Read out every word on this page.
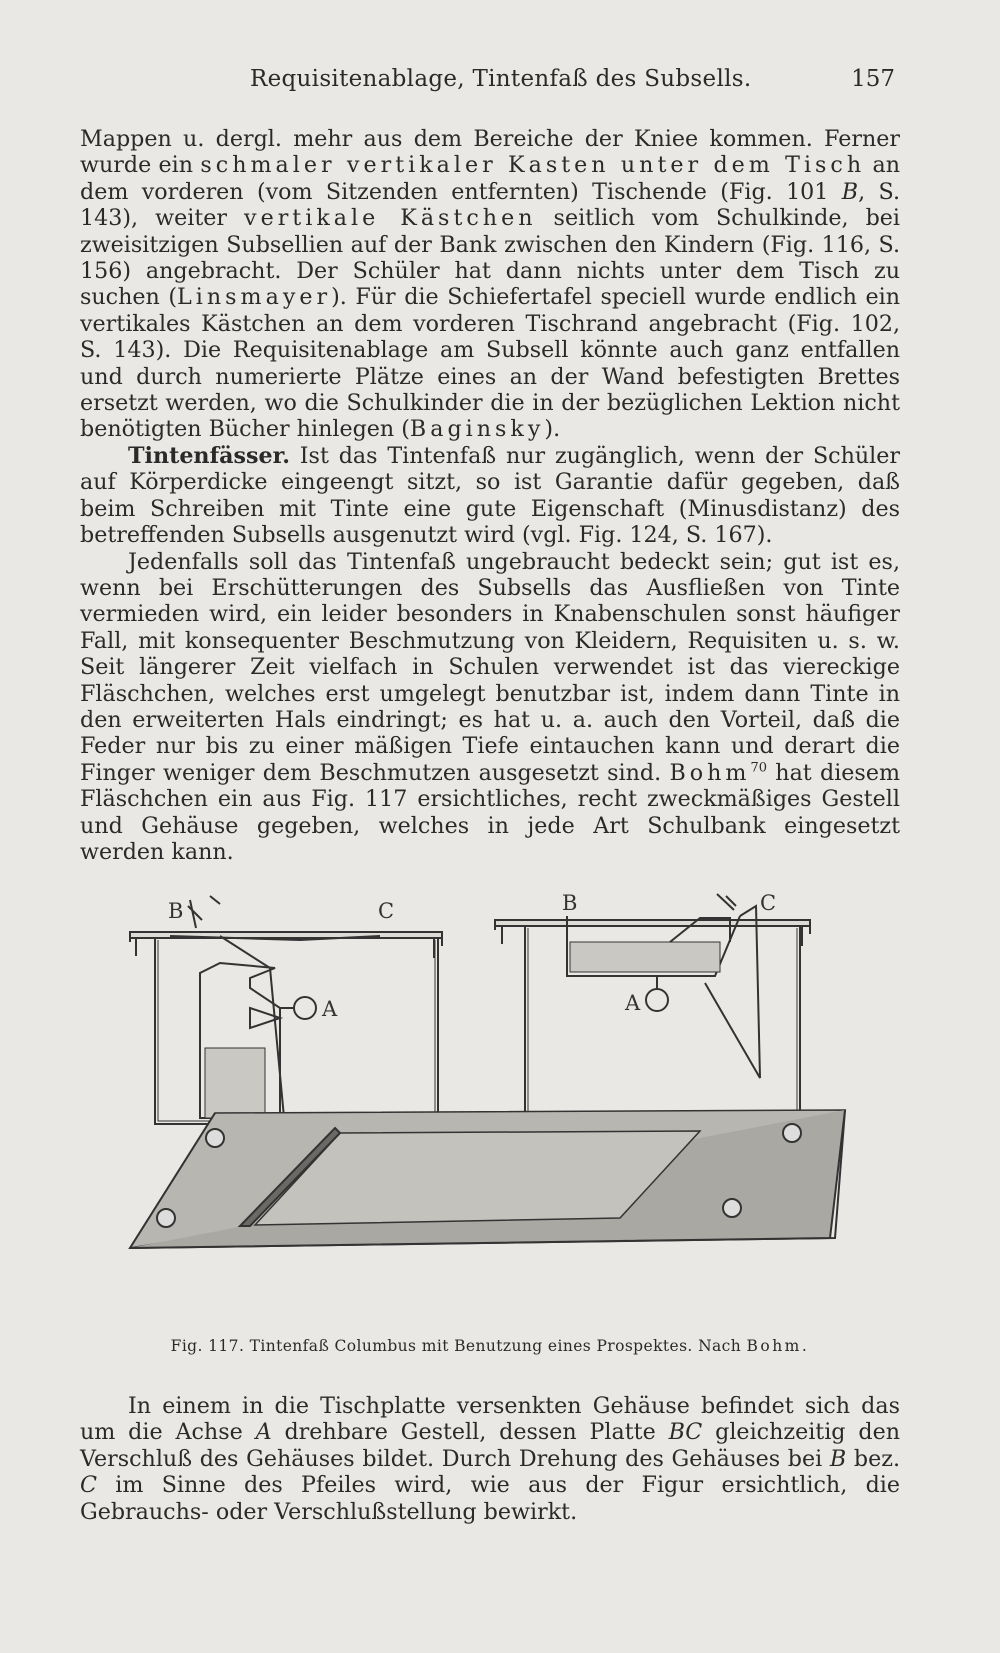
Requisitenablage, Tintenfaß des Subsells.	157

Mappen u. dergl. mehr aus dem Bereiche der Kniee kommen. Ferner wurde ein schmaler vertikaler Kasten unter dem Tisch an dem vorderen (vom Sitzenden entfernten) Tischende (Fig. 101 B, S. 143), weiter vertikale Kästchen seitlich vom Schulkinde, bei zweisitzigen Subsellien auf der Bank zwischen den Kindern (Fig. 116, S. 156) angebracht. Der Schüler hat dann nichts unter dem Tisch zu suchen (Linsmayer). Für die Schiefertafel speciell wurde endlich ein vertikales Kästchen an dem vorderen Tischrand angebracht (Fig. 102, S. 143). Die Requisitenablage am Subsell könnte auch ganz entfallen und durch numerierte Plätze eines an der Wand befestigten Brettes ersetzt werden, wo die Schulkinder die in der bezüglichen Lektion nicht benötigten Bücher hinlegen (Baginsky).

Tintenfässer. Ist das Tintenfaß nur zugänglich, wenn der Schüler auf Körperdicke eingeengt sitzt, so ist Garantie dafür gegeben, daß beim Schreiben mit Tinte eine gute Eigenschaft (Minusdistanz) des betreffenden Subsells ausgenutzt wird (vgl. Fig. 124, S. 167).

Jedenfalls soll das Tintenfaß ungebraucht bedeckt sein; gut ist es, wenn bei Erschütterungen des Subsells das Ausfließen von Tinte vermieden wird, ein leider besonders in Knabenschulen sonst häufiger Fall, mit konsequenter Beschmutzung von Kleidern, Requisiten u. s. w. Seit längerer Zeit vielfach in Schulen verwendet ist das viereckige Fläschchen, welches erst umgelegt benutzbar ist, indem dann Tinte in den erweiterten Hals eindringt; es hat u. a. auch den Vorteil, daß die Feder nur bis zu einer mäßigen Tiefe eintauchen kann und derart die Finger weniger dem Beschmutzen ausgesetzt sind. Bohm$^{70}$ hat diesem Fläschchen ein aus Fig. 117 ersichtliches, recht zweckmäßiges Gestell und Gehäuse gegeben, welches in jede Art Schulbank eingesetzt werden kann.

B	C
A
B	C
A
Fig. 117. Tintenfaß Columbus mit Benutzung eines Prospektes. Nach Bohm.

In einem in die Tischplatte versenkten Gehäuse befindet sich das um die Achse A drehbare Gestell, dessen Platte BC gleichzeitig den Verschluß des Gehäuses bildet. Durch Drehung des Gehäuses bei B bez. C im Sinne des Pfeiles wird, wie aus der Figur ersichtlich, die Gebrauchs- oder Verschlußstellung bewirkt.
